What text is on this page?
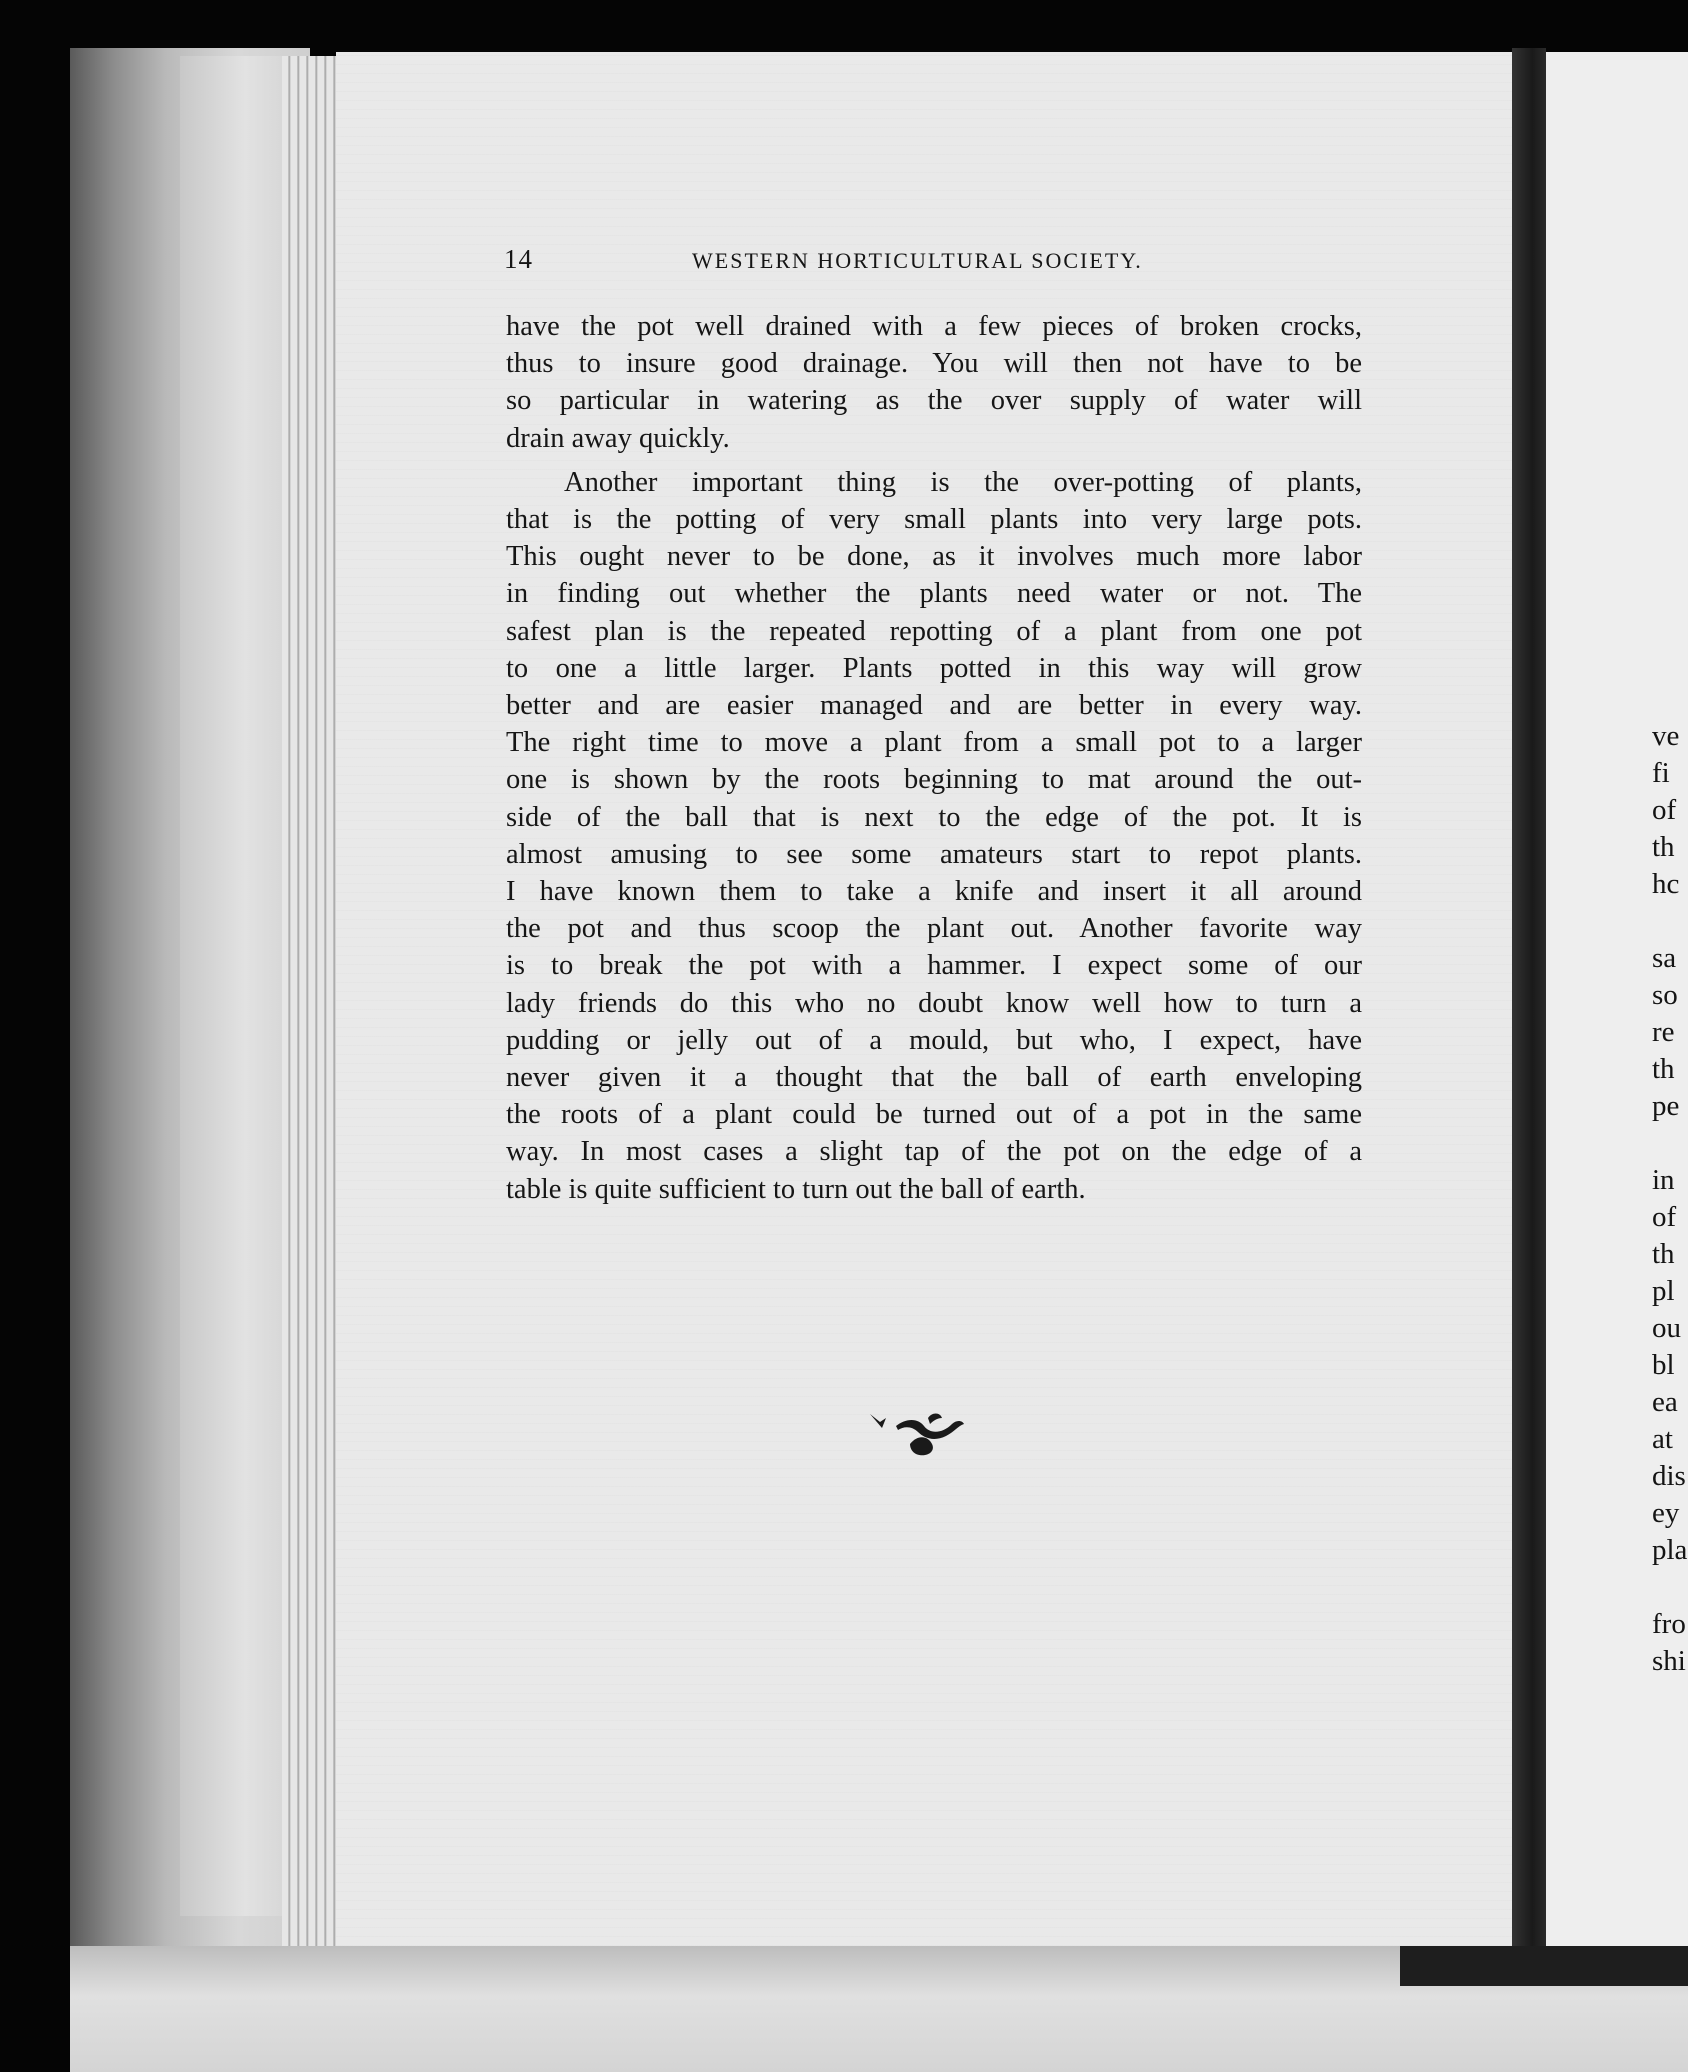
ve
fi
of
th
hc
sa
so
re
th
pe
in
of
th
pl
ou
bl
ea
at
dis
ey
pla
fro
shi
14	WESTERN HORTICULTURAL SOCIETY.

have the pot well drained with a few pieces of broken crocks,
thus to insure good drainage. You will then not have to be
so particular in watering as the over supply of water will
drain away quickly.

Another important thing is the over-potting of plants,
that is the potting of very small plants into very large pots.
This ought never to be done, as it involves much more labor
in finding out whether the plants need water or not. The
safest plan is the repeated repotting of a plant from one pot
to one a little larger. Plants potted in this way will grow
better and are easier managed and are better in every way.
The right time to move a plant from a small pot to a larger
one is shown by the roots beginning to mat around the out-
side of the ball that is next to the edge of the pot. It is
almost amusing to see some amateurs start to repot plants.
I have known them to take a knife and insert it all around
the pot and thus scoop the plant out. Another favorite way
is to break the pot with a hammer. I expect some of our
lady friends do this who no doubt know well how to turn a
pudding or jelly out of a mould, but who, I expect, have
never given it a thought that the ball of earth enveloping
the roots of a plant could be turned out of a pot in the same
way. In most cases a slight tap of the pot on the edge of a
table is quite sufficient to turn out the ball of earth.
